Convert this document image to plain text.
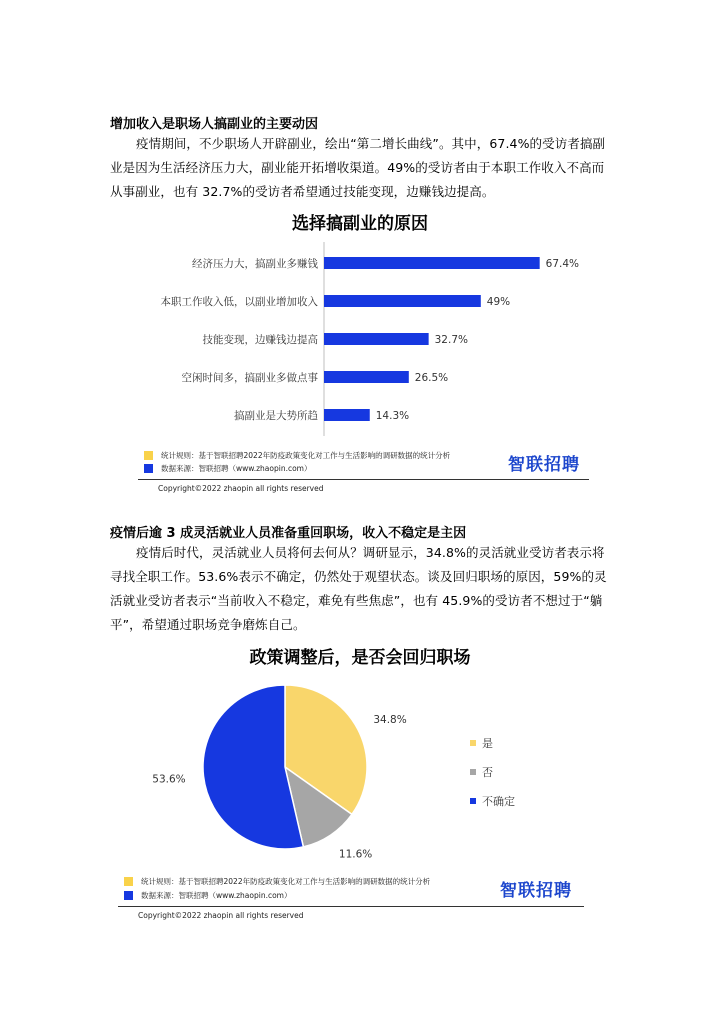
增加收入是职场人搞副业的主要动因
疫情期间，不少职场人开辟副业，绘出“第二增长曲线”。其中，67.4%的受访者搞副业是因为生活经济压力大，副业能开拓增收渠道。49%的受访者由于本职工作收入不高而从事副业，也有 32.7%的受访者希望通过技能变现，边赚钱边提高。
选择搞副业的原因
经济压力大，搞副业多赚钱	67.4%
本职工作收入低，以副业增加收入	49%
技能变现，边赚钱边提高	32.7%
空闲时间多，搞副业多做点事	26.5%
搞副业是大势所趋	14.3%
统计规则：基于智联招聘2022年防疫政策变化对工作与生活影响的调研数据的统计分析
数据来源：智联招聘（www.zhaopin.com）	智联招聘
Copyright©2022 zhaopin all rights reserved
疫情后逾 3 成灵活就业人员准备重回职场，收入不稳定是主因
疫情后时代，灵活就业人员将何去何从？调研显示，34.8%的灵活就业受访者表示将寻找全职工作。53.6%表示不确定，仍然处于观望状态。谈及回归职场的原因，59%的灵活就业受访者表示“当前收入不稳定，难免有些焦虑”，也有 45.9%的受访者不想过于“躺平”，希望通过职场竞争磨炼自己。
政策调整后，是否会回归职场
34.8%
11.6%
53.6%
是
否
不确定
统计规则：基于智联招聘2022年防疫政策变化对工作与生活影响的调研数据的统计分析
数据来源：智联招聘（www.zhaopin.com）	智联招聘
Copyright©2022 zhaopin all rights reserved
